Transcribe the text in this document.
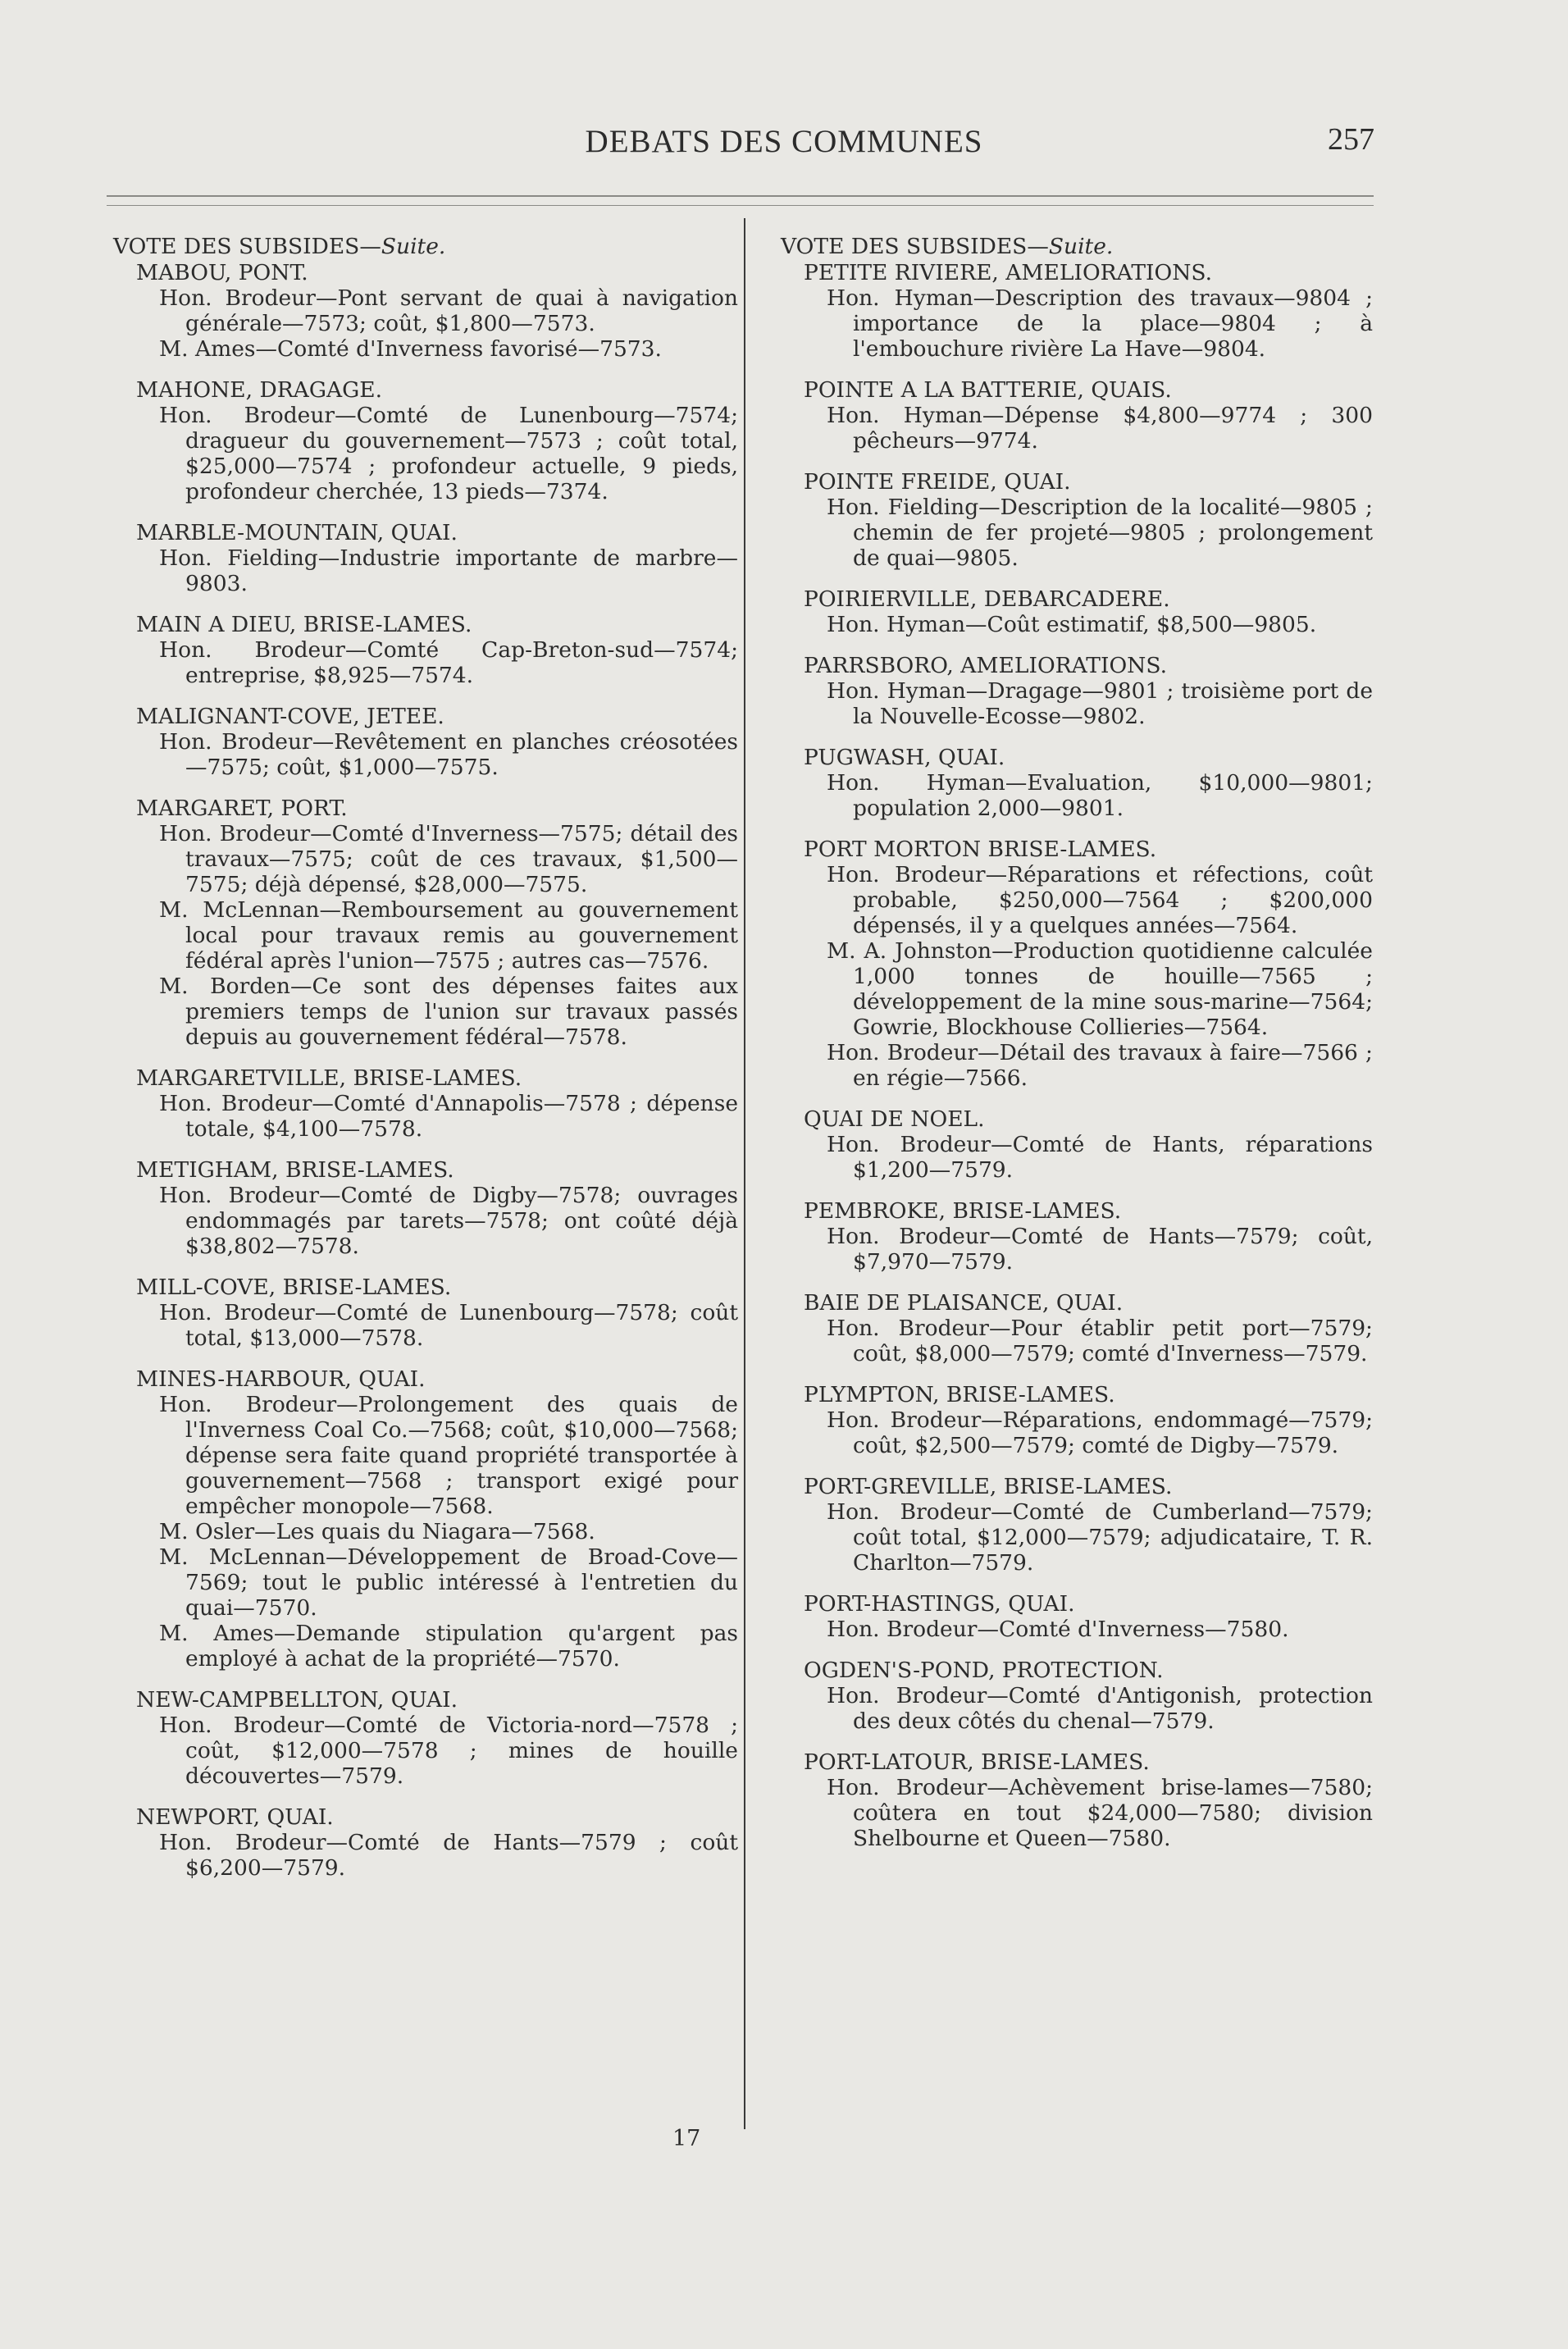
DEBATS DES COMMUNES	257
VOTE DES SUBSIDES—Suite.
MABOU, PONT.
Hon. Brodeur—Pont servant de quai à navigation générale—7573; coût, $1,800—7573.
M. Ames—Comté d'Inverness favorisé—7573.
MAHONE, DRAGAGE.
Hon. Brodeur—Comté de Lunenbourg—7574; dragueur du gouvernement—7573 ; coût total, $25,000—7574 ; profondeur actuelle, 9 pieds, profondeur cherchée, 13 pieds—7374.
MARBLE-MOUNTAIN, QUAI.
Hon. Fielding—Industrie importante de marbre—9803.
MAIN A DIEU, BRISE-LAMES.
Hon. Brodeur—Comté Cap-Breton-sud—7574; entreprise, $8,925—7574.
MALIGNANT-COVE, JETEE.
Hon. Brodeur—Revêtement en planches créosotées—7575; coût, $1,000—7575.
MARGARET, PORT.
Hon. Brodeur—Comté d'Inverness—7575; détail des travaux—7575; coût de ces travaux, $1,500—7575; déjà dépensé, $28,000—7575.
M. McLennan—Remboursement au gouvernement local pour travaux remis au gouvernement fédéral après l'union—7575 ; autres cas—7576.
M. Borden—Ce sont des dépenses faites aux premiers temps de l'union sur travaux passés depuis au gouvernement fédéral—7578.
MARGARETVILLE, BRISE-LAMES.
Hon. Brodeur—Comté d'Annapolis—7578 ; dépense totale, $4,100—7578.
METIGHAM, BRISE-LAMES.
Hon. Brodeur—Comté de Digby—7578; ouvrages endommagés par tarets—7578; ont coûté déjà $38,802—7578.
MILL-COVE, BRISE-LAMES.
Hon. Brodeur—Comté de Lunenbourg—7578; coût total, $13,000—7578.
MINES-HARBOUR, QUAI.
Hon. Brodeur—Prolongement des quais de l'Inverness Coal Co.—7568; coût, $10,000—7568; dépense sera faite quand propriété transportée à gouvernement—7568 ; transport exigé pour empêcher monopole—7568.
M. Osler—Les quais du Niagara—7568.
M. McLennan—Développement de Broad-Cove—7569; tout le public intéressé à l'entretien du quai—7570.
M. Ames—Demande stipulation qu'argent pas employé à achat de la propriété—7570.
NEW-CAMPBELLTON, QUAI.
Hon. Brodeur—Comté de Victoria-nord—7578 ; coût, $12,000—7578 ; mines de houille découvertes—7579.
NEWPORT, QUAI.
Hon. Brodeur—Comté de Hants—7579 ; coût $6,200—7579.
VOTE DES SUBSIDES—Suite.
PETITE RIVIERE, AMELIORATIONS.
Hon. Hyman—Description des travaux—9804 ; importance de la place—9804 ; à l'embouchure rivière La Have—9804.
POINTE A LA BATTERIE, QUAIS.
Hon. Hyman—Dépense $4,800—9774 ; 300 pêcheurs—9774.
POINTE FREIDE, QUAI.
Hon. Fielding—Description de la localité—9805 ; chemin de fer projeté—9805 ; prolongement de quai—9805.
POIRIERVILLE, DEBARCADERE.
Hon. Hyman—Coût estimatif, $8,500—9805.
PARRSBORO, AMELIORATIONS.
Hon. Hyman—Dragage—9801 ; troisième port de la Nouvelle-Ecosse—9802.
PUGWASH, QUAI.
Hon. Hyman—Evaluation, $10,000—9801; population 2,000—9801.
PORT MORTON BRISE-LAMES.
Hon. Brodeur—Réparations et réfections, coût probable, $250,000—7564 ; $200,000 dépensés, il y a quelques années—7564.
M. A. Johnston—Production quotidienne calculée 1,000 tonnes de houille—7565 ; développement de la mine sous-marine—7564; Gowrie, Blockhouse Collieries—7564.
Hon. Brodeur—Détail des travaux à faire—7566 ; en régie—7566.
QUAI DE NOEL.
Hon. Brodeur—Comté de Hants, réparations $1,200—7579.
PEMBROKE, BRISE-LAMES.
Hon. Brodeur—Comté de Hants—7579; coût, $7,970—7579.
BAIE DE PLAISANCE, QUAI.
Hon. Brodeur—Pour établir petit port—7579; coût, $8,000—7579; comté d'Inverness—7579.
PLYMPTON, BRISE-LAMES.
Hon. Brodeur—Réparations, endommagé—7579; coût, $2,500—7579; comté de Digby—7579.
PORT-GREVILLE, BRISE-LAMES.
Hon. Brodeur—Comté de Cumberland—7579; coût total, $12,000—7579; adjudicataire, T. R. Charlton—7579.
PORT-HASTINGS, QUAI.
Hon. Brodeur—Comté d'Inverness—7580.
OGDEN'S-POND, PROTECTION.
Hon. Brodeur—Comté d'Antigonish, protection des deux côtés du chenal—7579.
PORT-LATOUR, BRISE-LAMES.
Hon. Brodeur—Achèvement brise-lames—7580; coûtera en tout $24,000—7580; division Shelbourne et Queen—7580.
17
